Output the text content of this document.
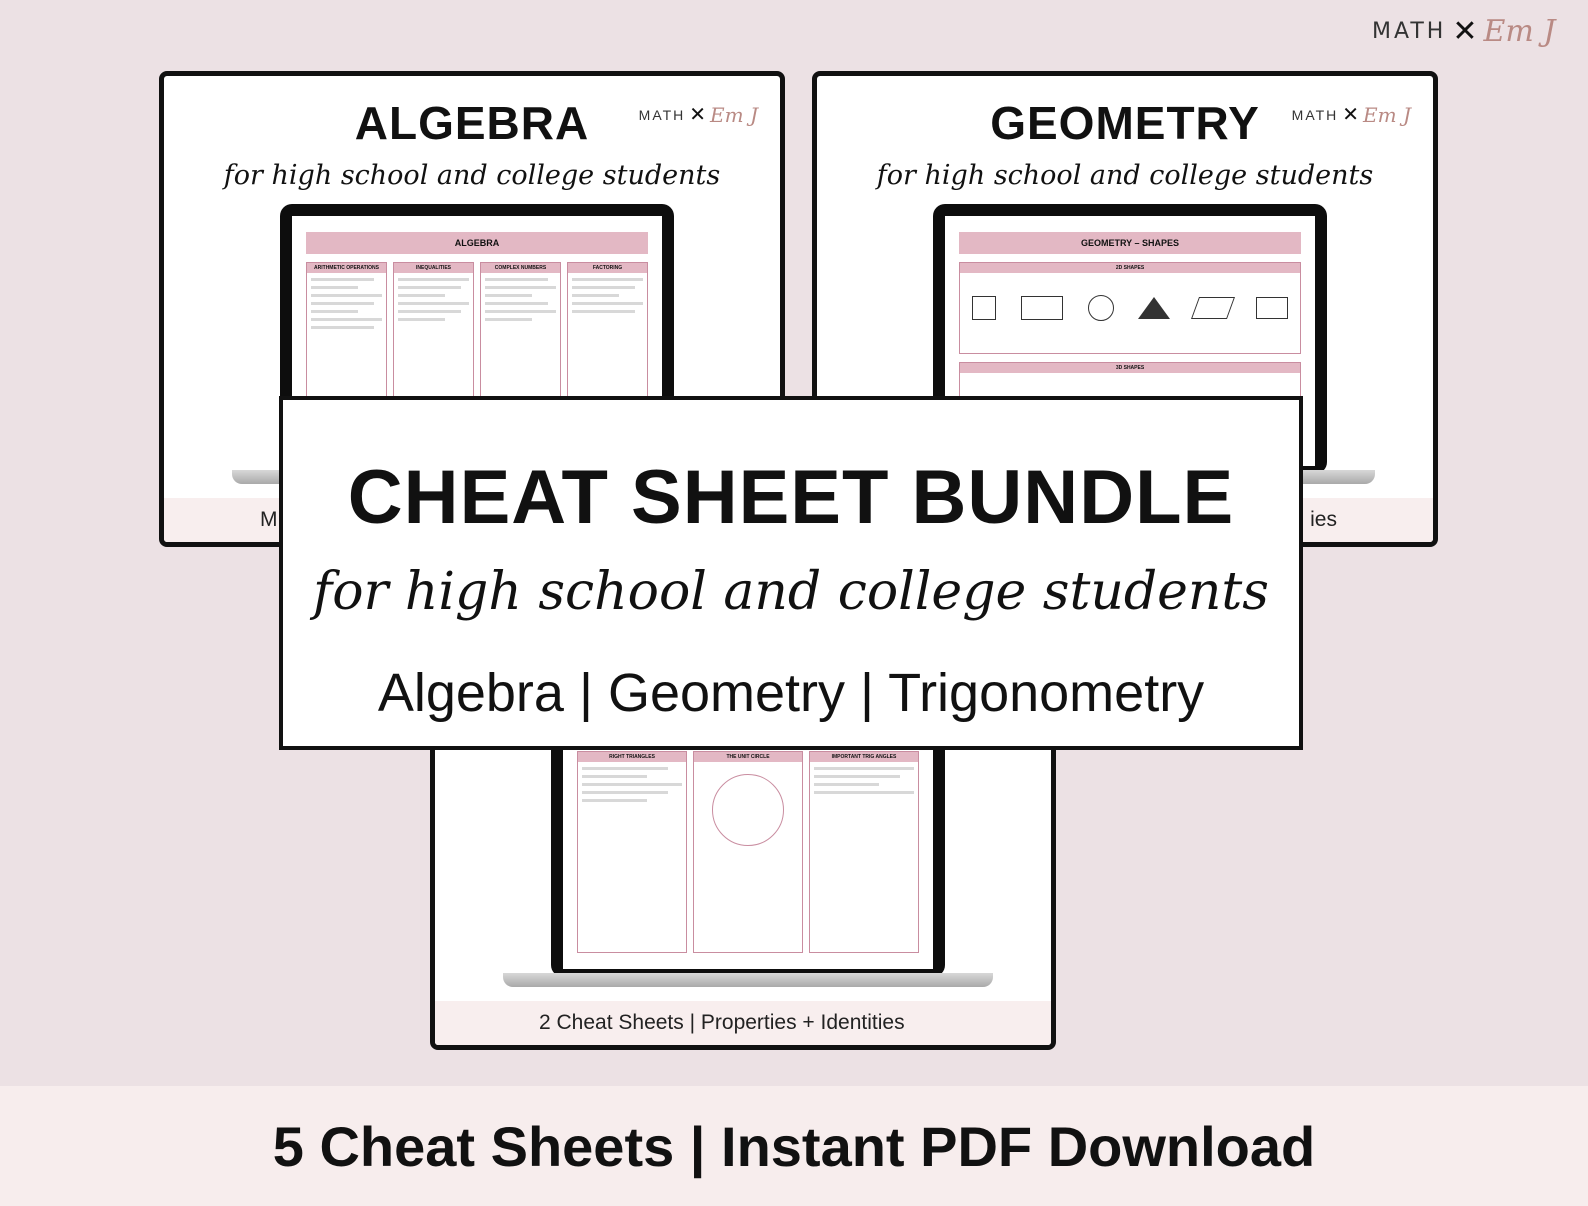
MATH ✕ Em J
MATH ✕ Em J
ALGEBRA
for high school and college students
ALGEBRA
ARITHMETIC OPERATIONS	INEQUALITIES	COMPLEX NUMBERS	FACTORING
M
MATH ✕ Em J
GEOMETRY
for high school and college students
GEOMETRY – SHAPES
2D SHAPES
3D SHAPES
ies
RIGHT TRIANGLES	THE UNIT CIRCLE	IMPORTANT TRIG ANGLES
2 Cheat Sheets | Properties + Identities
CHEAT SHEET BUNDLE
for high school and college students
Algebra | Geometry | Trigonometry
5 Cheat Sheets | Instant PDF Download
